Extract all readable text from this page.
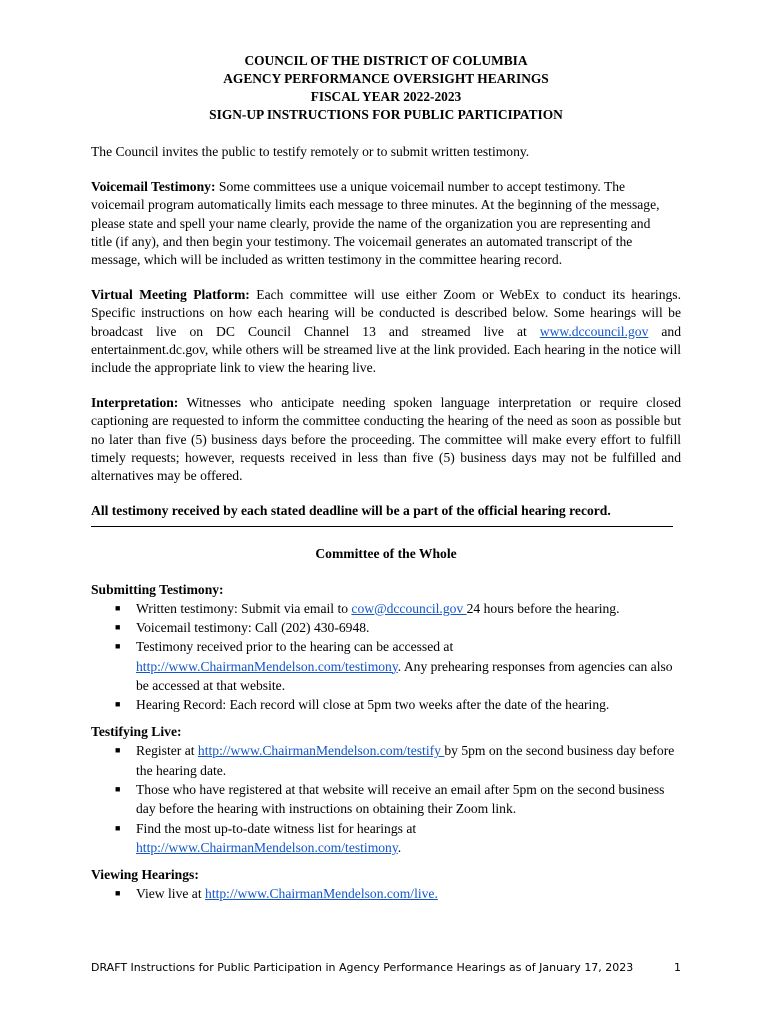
COUNCIL OF THE DISTRICT OF COLUMBIA

AGENCY PERFORMANCE OVERSIGHT HEARINGS

FISCAL YEAR 2022-2023

SIGN-UP INSTRUCTIONS FOR PUBLIC PARTICIPATION

The Council invites the public to testify remotely or to submit written testimony.

Voicemail Testimony: Some committees use a unique voicemail number to accept testimony. The voicemail program automatically limits each message to three minutes. At the beginning of the message, please state and spell your name clearly, provide the name of the organization you are representing and title (if any), and then begin your testimony. The voicemail generates an automated transcript of the message, which will be included as written testimony in the committee hearing record.

Virtual Meeting Platform: Each committee will use either Zoom or WebEx to conduct its hearings. Specific instructions on how each hearing will be conducted is described below. Some hearings will be broadcast live on DC Council Channel 13 and streamed live at www.dccouncil.gov and entertainment.dc.gov, while others will be streamed live at the link provided. Each hearing in the notice will include the appropriate link to view the hearing live.

Interpretation: Witnesses who anticipate needing spoken language interpretation or require closed captioning are requested to inform the committee conducting the hearing of the need as soon as possible but no later than five (5) business days before the proceeding. The committee will make every effort to fulfill timely requests; however, requests received in less than five (5) business days may not be fulfilled and alternatives may be offered.

All testimony received by each stated deadline will be a part of the official hearing record.

Committee of the Whole

Submitting Testimony:

■ Written testimony: Submit via email to cow@dccouncil.gov 24 hours before the hearing.
■ Voicemail testimony: Call (202) 430-6948.
■ Testimony received prior to the hearing can be accessed at http://www.ChairmanMendelson.com/testimony. Any prehearing responses from agencies can also be accessed at that website.
■ Hearing Record: Each record will close at 5pm two weeks after the date of the hearing.

Testifying Live:

■ Register at http://www.ChairmanMendelson.com/testify by 5pm on the second business day before the hearing date.
■ Those who have registered at that website will receive an email after 5pm on the second business day before the hearing with instructions on obtaining their Zoom link.
■ Find the most up-to-date witness list for hearings at http://www.ChairmanMendelson.com/testimony.

Viewing Hearings:

■ View live at http://www.ChairmanMendelson.com/live.
DRAFT Instructions for Public Participation in Agency Performance Hearings as of January 17, 2023	1
